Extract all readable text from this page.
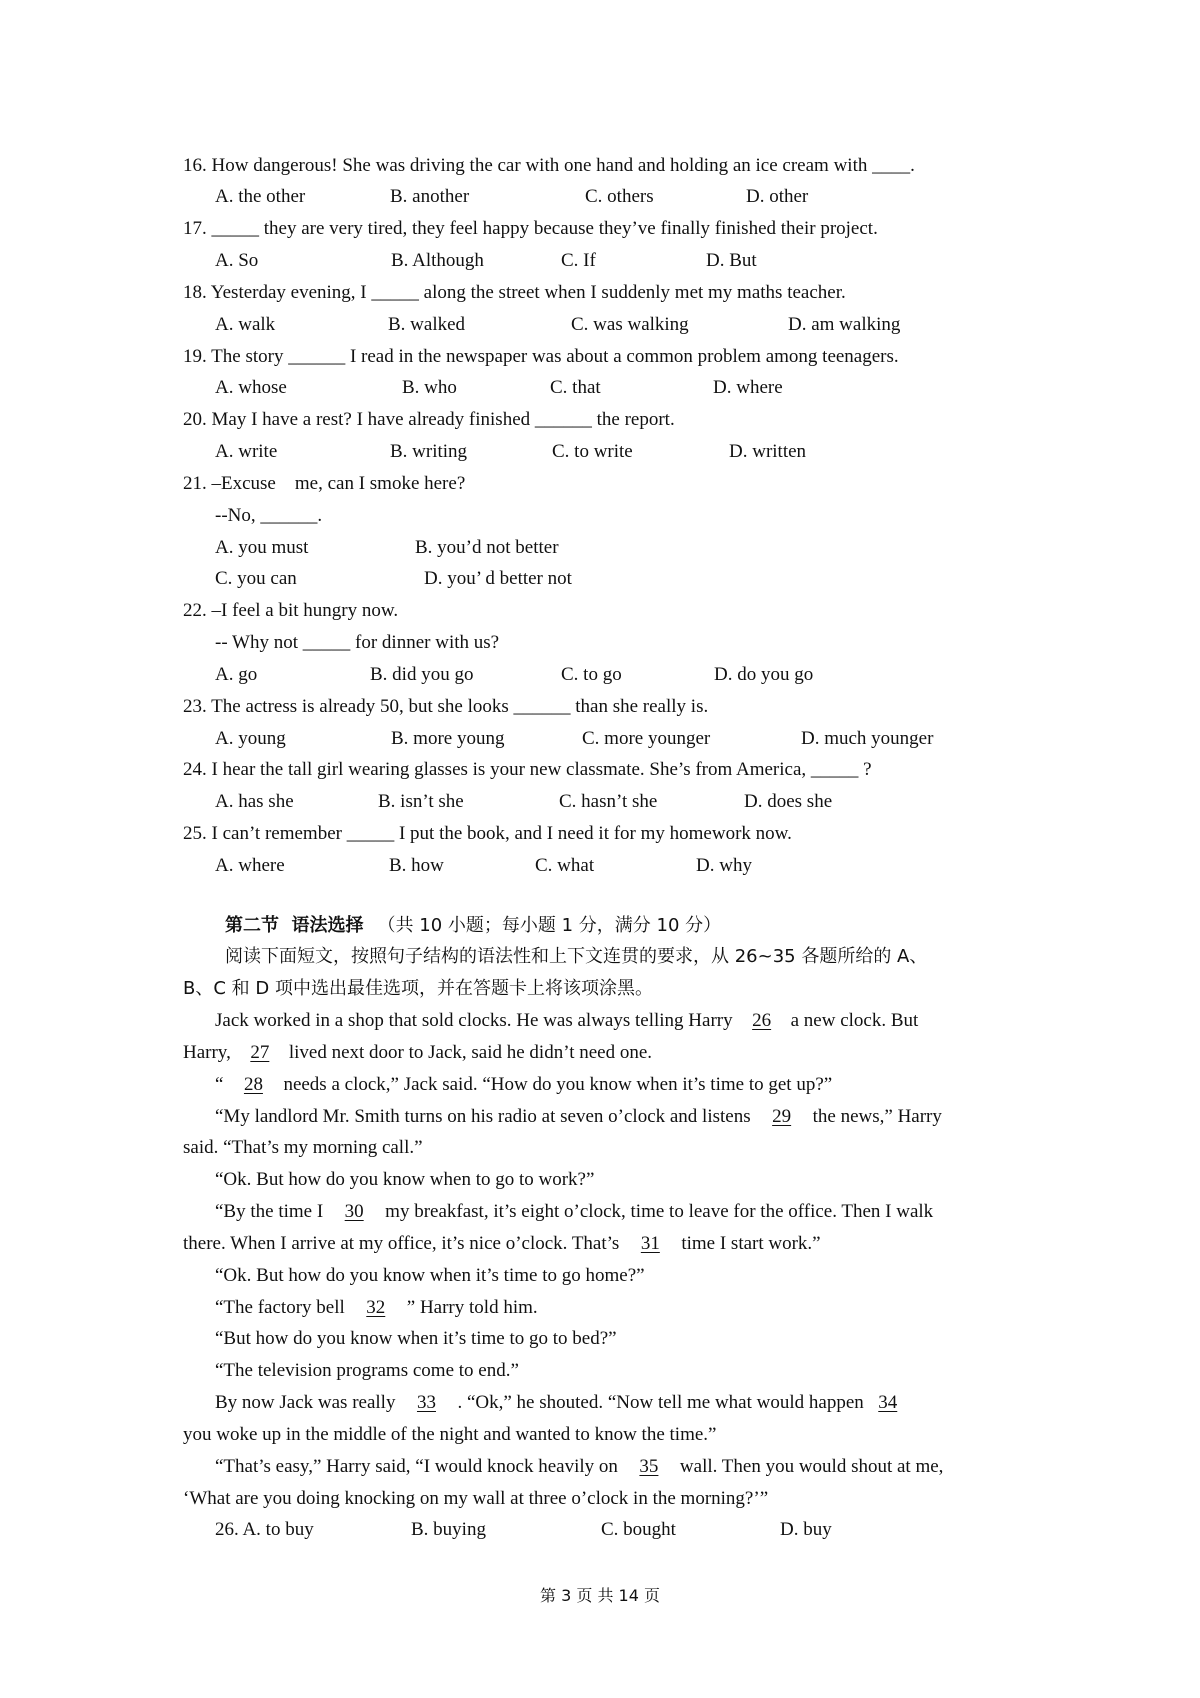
16. How dangerous! She was driving the car with one hand and holding an ice cream with ____.
A. the other	B. another	C. others	D. other
17. _____ they are very tired, they feel happy because they’ve finally finished their project.
A. So	B. Although	C. If	D. But
18. Yesterday evening, I _____ along the street when I suddenly met my maths teacher.
A. walk	B. walked	C. was walking	D. am walking
19. The story ______ I read in the newspaper was about a common problem among teenagers.
A. whose	B. who	C. that	D. where
20. May I have a rest? I have already finished ______ the report.
A. write	B. writing	C. to write	D. written
21. –Excuse    me, can I smoke here?
--No, ______.
A. you must	B. you’d not better
C. you can	D. you’ d better not
22. –I feel a bit hungry now.
-- Why not _____ for dinner with us?
A. go	B. did you go	C. to go	D. do you go
23. The actress is already 50, but she looks ______ than she really is.
A. young	B. more young	C. more younger	D. much younger
24. I hear the tall girl wearing glasses is your new classmate. She’s from America, _____ ?
A. has she	B. isn’t she	C. hasn’t she	D. does she
25. I can’t remember _____ I put the book, and I need it for my homework now.
A. where	B. how	C. what	D. why
第二节  语法选择 （共 10 小题；每小题 1 分，满分 10 分）
阅读下面短文，按照句子结构的语法性和上下文连贯的要求，从 26~35 各题所给的 A、
B、C 和 D 项中选出最佳选项，并在答题卡上将该项涂黑。
Jack worked in a shop that sold clocks. He was always telling Harry 26 a new clock. But
Harry, 27 lived next door to Jack, said he didn’t need one.
“ 28 needs a clock,” Jack said. “How do you know when it’s time to get up?”
“My landlord Mr. Smith turns on his radio at seven o’clock and listens 29 the news,” Harry
said. “That’s my morning call.”
“Ok. But how do you know when to go to work?”
“By the time I 30 my breakfast, it’s eight o’clock, time to leave for the office. Then I walk
there. When I arrive at my office, it’s nice o’clock. That’s 31 time I start work.”
“Ok. But how do you know when it’s time to go home?”
“The factory bell 32 ” Harry told him.
“But how do you know when it’s time to go to bed?”
“The television programs come to end.”
By now Jack was really 33 . “Ok,” he shouted. “Now tell me what would happen 34
you woke up in the middle of the night and wanted to know the time.”
“That’s easy,” Harry said, “I would knock heavily on 35 wall. Then you would shout at me,
‘What are you doing knocking on my wall at three o’clock in the morning?’”
26. A. to buy	B. buying	C. bought	D. buy
第 3 页 共 14 页
